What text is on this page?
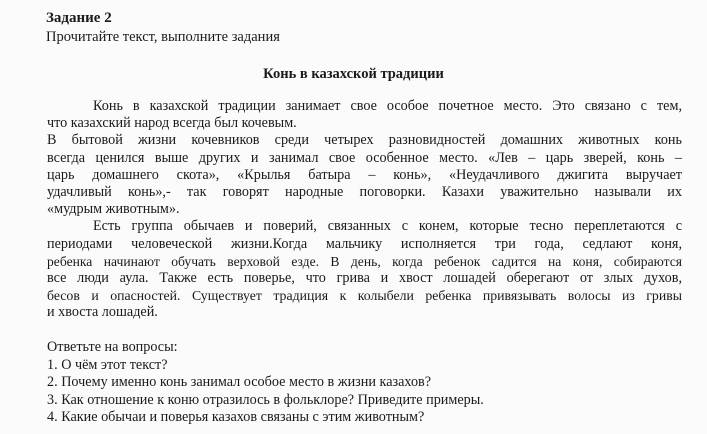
Задание 2
Прочитайте текст, выполните задания
Конь в казахской традиции
Конь в казахской традиции занимает свое особое почетное место. Это связано с тем,
что казахский народ всегда был кочевым.
В бытовой жизни кочевников среди четырех разновидностей домашних животных конь
всегда ценился выше других и занимал свое особенное место. «Лев – царь зверей, конь –
царь домашнего скота», «Крылья батыра – конь», «Неудачливого джигита выручает
удачливый конь»,- так говорят народные поговорки. Казахи уважительно называли их
«мудрым животным».
Есть группа обычаев и поверий, связанных с конем, которые тесно переплетаются с
периодами человеческой жизни.Когда мальчику исполняется три года, седлают коня,
ребенка начинают обучать верховой езде. В день, когда ребенок садится на коня, собираются
все люди аула. Также есть поверье, что грива и хвост лошадей оберегают от злых духов,
бесов и опасностей. Существует традиция к колыбели ребенка привязывать волосы из гривы
и хвоста лошадей.
Ответьте на вопросы:
1. О чём этот текст?
2. Почему именно конь занимал особое место в жизни казахов?
3. Как отношение к коню отразилось в фольклоре? Приведите примеры.
4. Какие обычаи и поверья казахов связаны с этим животным?
